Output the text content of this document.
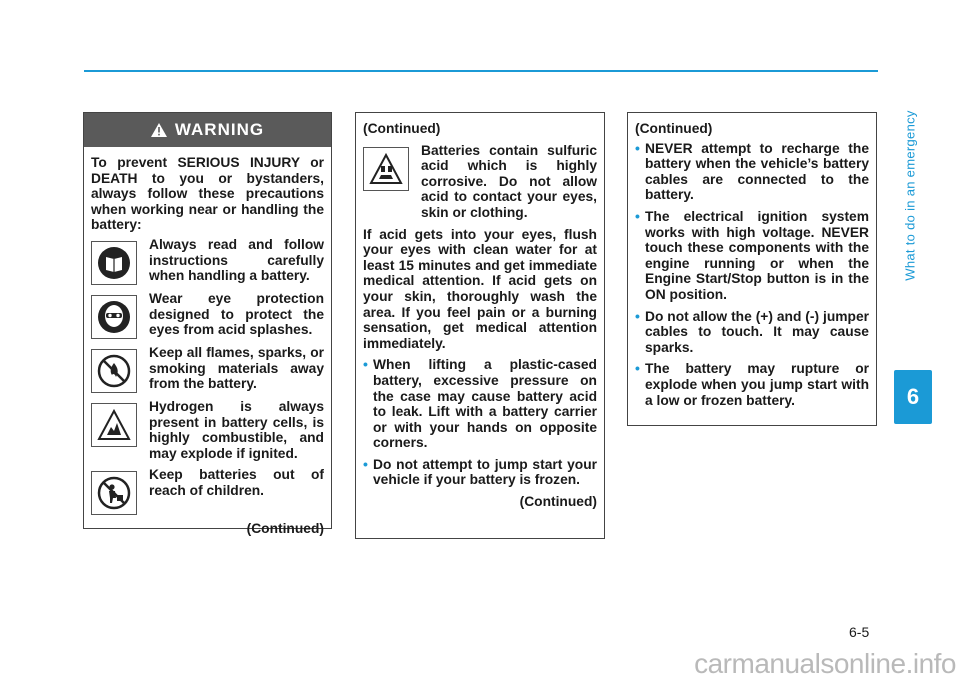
What to do in an emergency
6
WARNING
To prevent SERIOUS INJURY or DEATH to you or bystanders, always follow these precautions when working near or handling the battery:
Always read and follow instructions carefully when handling a battery.
Wear eye protection designed to protect the eyes from acid splashes.
Keep all flames, sparks, or smoking materials away from the battery.
Hydrogen is always present in battery cells, is highly combustible, and may explode if ignited.
Keep batteries out of reach of children.
(Continued)
(Continued)
Batteries contain sulfuric acid which is highly corrosive. Do not allow acid to contact your eyes, skin or clothing.
If acid gets into your eyes, flush your eyes with clean water for at least 15 minutes and get immediate medical attention. If acid gets on your skin, thoroughly wash the area. If you feel pain or a burning sensation, get medical attention immediately.
• When lifting a plastic-cased battery, excessive pressure on the case may cause battery acid to leak. Lift with a battery carrier or with your hands on opposite corners.
• Do not attempt to jump start your vehicle if your battery is frozen.
(Continued)
(Continued)
• NEVER attempt to recharge the battery when the vehicle’s battery cables are connected to the battery.
• The electrical ignition system works with high voltage. NEVER touch these components with the engine running or when the Engine Start/Stop button is in the ON position.
• Do not allow the (+) and (-) jumper cables to touch. It may cause sparks.
• The battery may rupture or explode when you jump start with a low or frozen battery.
6-5
carmanualsonline.info
